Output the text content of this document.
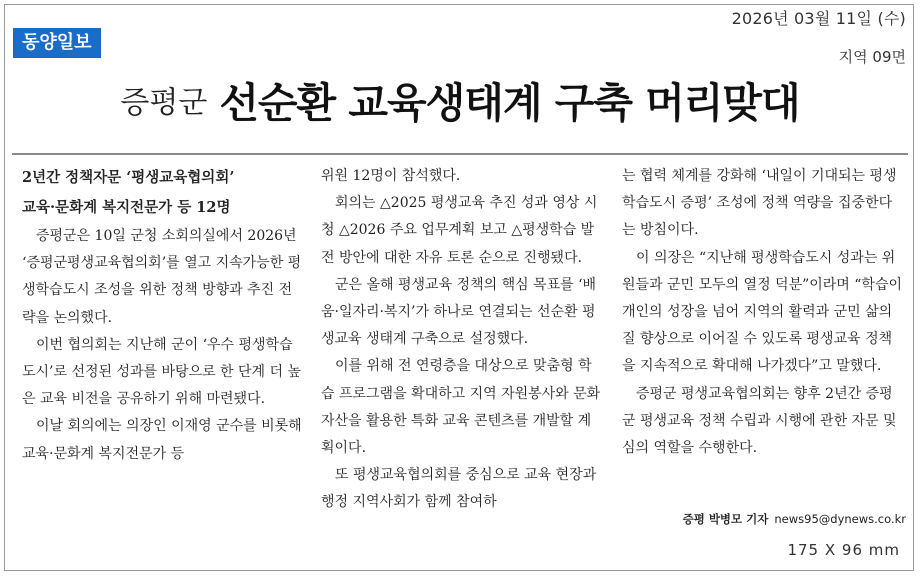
2026년 03월 11일 (수)
동양일보
지역 09면
증평군 선순환 교육생태계 구축 머리맞대

2년간 정책자문 ‘평생교육협의회’

교육·문화계 복지전문가 등 12명

증평군은 10일 군청 소회의실에서 2026년 ‘증평군평생교육협의회’를 열고 지속가능한 평생학습도시 조성을 위한 정책 방향과 추진 전략을 논의했다.

이번 협의회는 지난해 군이 ‘우수 평생학습도시’로 선정된 성과를 바탕으로 한 단계 더 높은 교육 비전을 공유하기 위해 마련됐다.

이날 회의에는 의장인 이재영 군수를 비롯해 교육·문화계 복지전문가 등

위원 12명이 참석했다.

회의는 △2025 평생교육 추진 성과 영상 시청 △2026 주요 업무계획 보고 △평생학습 발전 방안에 대한 자유 토론 순으로 진행됐다.

군은 올해 평생교육 정책의 핵심 목표를 ‘배움·일자리·복지’가 하나로 연결되는 선순환 평생교육 생태계 구축으로 설정했다.

이를 위해 전 연령층을 대상으로 맞춤형 학습 프로그램을 확대하고 지역 자원봉사와 문화 자산을 활용한 특화 교육 콘텐츠를 개발할 계획이다.

또 평생교육협의회를 중심으로 교육 현장과 행정 지역사회가 함께 참여하

는 협력 체계를 강화해 ‘내일이 기대되는 평생학습도시 증평’ 조성에 정책 역량을 집중한다는 방침이다.

이 의장은 “지난해 평생학습도시 성과는 위원들과 군민 모두의 열정 덕분”이라며 “학습이 개인의 성장을 넘어 지역의 활력과 군민 삶의 질 향상으로 이어질 수 있도록 평생교육 정책을 지속적으로 확대해 나가겠다”고 말했다.

증평군 평생교육협의회는 향후 2년간 증평군 평생교육 정책 수립과 시행에 관한 자문 및 심의 역할을 수행한다.

증평 박병모 기자 news95@dynews.co.kr
175 X 96 mm
